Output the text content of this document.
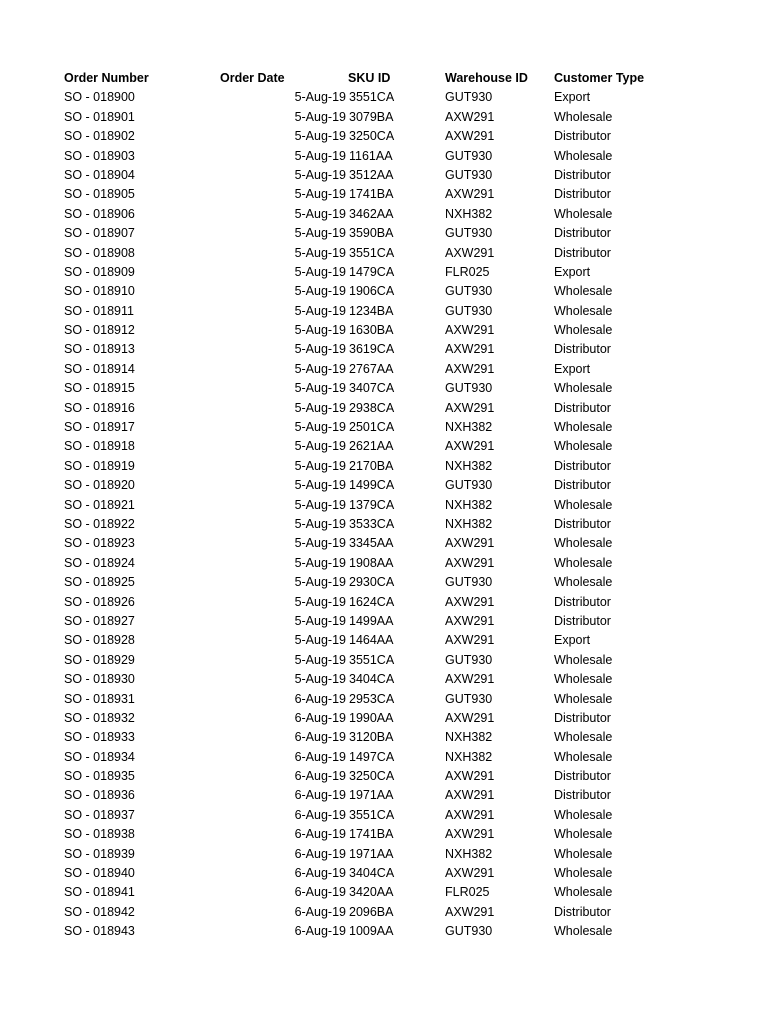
Order Number	Order Date	SKU ID	Warehouse ID Customer Type
SO - 018900	5-Aug-19 3551CA	GUT930	Export
SO - 018901	5-Aug-19 3079BA	AXW291	Wholesale
SO - 018902	5-Aug-19 3250CA	AXW291	Distributor
SO - 018903	5-Aug-19 1161AA	GUT930	Wholesale
SO - 018904	5-Aug-19 3512AA	GUT930	Distributor
SO - 018905	5-Aug-19 1741BA	AXW291	Distributor
SO - 018906	5-Aug-19 3462AA	NXH382	Wholesale
SO - 018907	5-Aug-19 3590BA	GUT930	Distributor
SO - 018908	5-Aug-19 3551CA	AXW291	Distributor
SO - 018909	5-Aug-19 1479CA	FLR025	Export
SO - 018910	5-Aug-19 1906CA	GUT930	Wholesale
SO - 018911	5-Aug-19 1234BA	GUT930	Wholesale
SO - 018912	5-Aug-19 1630BA	AXW291	Wholesale
SO - 018913	5-Aug-19 3619CA	AXW291	Distributor
SO - 018914	5-Aug-19 2767AA	AXW291	Export
SO - 018915	5-Aug-19 3407CA	GUT930	Wholesale
SO - 018916	5-Aug-19 2938CA	AXW291	Distributor
SO - 018917	5-Aug-19 2501CA	NXH382	Wholesale
SO - 018918	5-Aug-19 2621AA	AXW291	Wholesale
SO - 018919	5-Aug-19 2170BA	NXH382	Distributor
SO - 018920	5-Aug-19 1499CA	GUT930	Distributor
SO - 018921	5-Aug-19 1379CA	NXH382	Wholesale
SO - 018922	5-Aug-19 3533CA	NXH382	Distributor
SO - 018923	5-Aug-19 3345AA	AXW291	Wholesale
SO - 018924	5-Aug-19 1908AA	AXW291	Wholesale
SO - 018925	5-Aug-19 2930CA	GUT930	Wholesale
SO - 018926	5-Aug-19 1624CA	AXW291	Distributor
SO - 018927	5-Aug-19 1499AA	AXW291	Distributor
SO - 018928	5-Aug-19 1464AA	AXW291	Export
SO - 018929	5-Aug-19 3551CA	GUT930	Wholesale
SO - 018930	5-Aug-19 3404CA	AXW291	Wholesale
SO - 018931	6-Aug-19 2953CA	GUT930	Wholesale
SO - 018932	6-Aug-19 1990AA	AXW291	Distributor
SO - 018933	6-Aug-19 3120BA	NXH382	Wholesale
SO - 018934	6-Aug-19 1497CA	NXH382	Wholesale
SO - 018935	6-Aug-19 3250CA	AXW291	Distributor
SO - 018936	6-Aug-19 1971AA	AXW291	Distributor
SO - 018937	6-Aug-19 3551CA	AXW291	Wholesale
SO - 018938	6-Aug-19 1741BA	AXW291	Wholesale
SO - 018939	6-Aug-19 1971AA	NXH382	Wholesale
SO - 018940	6-Aug-19 3404CA	AXW291	Wholesale
SO - 018941	6-Aug-19 3420AA	FLR025	Wholesale
SO - 018942	6-Aug-19 2096BA	AXW291	Distributor
SO - 018943	6-Aug-19 1009AA	GUT930	Wholesale
